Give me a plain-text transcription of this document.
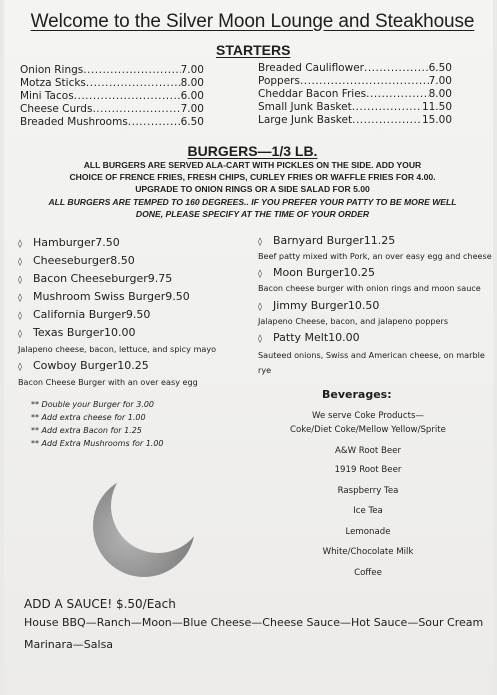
Welcome to the Silver Moon Lounge and Steakhouse
STARTERS
Onion Rings .....	7.00
Motza Sticks .....	8.00
Mini Tacos .....	6.00
Cheese Curds .....	7.00
Breaded Mushrooms .....	6.50
Breaded Cauliflower .....	6.50
Poppers .....	7.00
Cheddar Bacon Fries .....	8.00
Small Junk Basket .....	11.50
Large Junk Basket .....	15.00
BURGERS—1/3 LB.
ALL BURGERS ARE SERVED ALA-CART WITH PICKLES ON THE SIDE. ADD YOUR
CHOICE OF FRENCE FRIES, FRESH CHIPS, CURLEY FRIES OR WAFFLE FRIES FOR 4.00.
UPGRADE TO ONION RINGS OR A SIDE SALAD FOR 5.00
ALL BURGERS ARE TEMPED TO 160 DEGREES.. IF YOU PREFER YOUR PATTY TO BE MORE WELL
DONE, PLEASE SPECIFY AT THE TIME OF YOUR ORDER
◊	Hamburger 7.50
◊	Cheeseburger 8.50
◊	Bacon Cheeseburger 9.75
◊	Mushroom Swiss Burger 9.50
◊	California Burger 9.50
◊	Texas Burger 10.00
Jalapeno cheese, bacon, lettuce, and spicy mayo
◊	Cowboy Burger 10.25
Bacon Cheese Burger with an over easy egg
◊	Barnyard Burger 11.25
Beef patty mixed with Pork, an over easy egg and cheese
◊	Moon Burger 10.25
Bacon cheese burger with onion rings and moon sauce
◊	Jimmy Burger 10.50
Jalapeno Cheese, bacon, and jalapeno poppers
◊	Patty Melt 10.00
Sauteed onions, Swiss and American cheese, on marble
rye
** Double your Burger for 3.00
** Add extra cheese for 1.00
** Add extra Bacon for 1.25
** Add Extra Mushrooms for 1.00
Beverages:
We serve Coke Products—
Coke/Diet Coke/Mellow Yellow/Sprite
A&W Root Beer
1919 Root Beer
Raspberry Tea
Ice Tea
Lemonade
White/Chocolate Milk
Coffee
ADD A SAUCE! $.50/Each
House BBQ—Ranch—Moon—Blue Cheese—Cheese Sauce—Hot Sauce—Sour Cream
Marinara—Salsa
